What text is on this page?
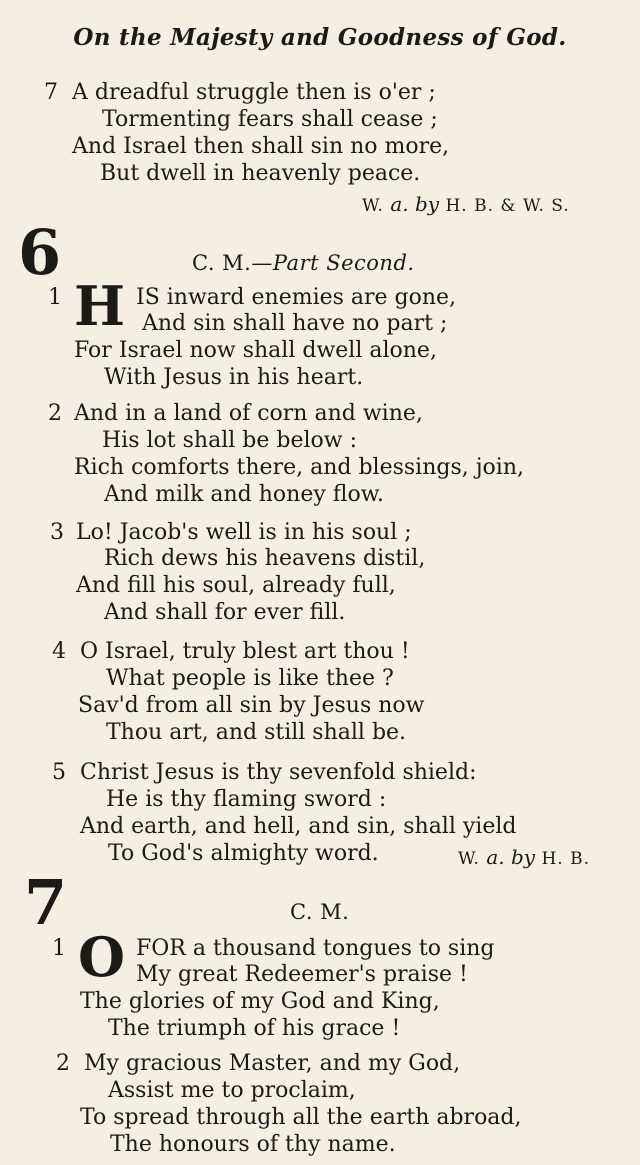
On the Majesty and Goodness of God.
7 A dreadful struggle then is o'er ;
Tormenting fears shall cease ;
And Israel then shall sin no more,
But dwell in heavenly peace.
W. a. by H. B. & W. S.
6	C. M.—Part Second.
1 H IS inward enemies are gone,
And sin shall have no part ;
For Israel now shall dwell alone,
With Jesus in his heart.
2 And in a land of corn and wine,
His lot shall be below :
Rich comforts there, and blessings, join,
And milk and honey flow.
3 Lo! Jacob's well is in his soul ;
Rich dews his heavens distil,
And fill his soul, already full,
And shall for ever fill.
4 O Israel, truly blest art thou !
What people is like thee ?
Sav'd from all sin by Jesus now
Thou art, and still shall be.
5 Christ Jesus is thy sevenfold shield:
He is thy flaming sword :
And earth, and hell, and sin, shall yield
To God's almighty word.	W. a. by H. B.
7	C. M.
1 O FOR a thousand tongues to sing
My great Redeemer's praise !
The glories of my God and King,
The triumph of his grace !
2 My gracious Master, and my God,
Assist me to proclaim,
To spread through all the earth abroad,
The honours of thy name.
